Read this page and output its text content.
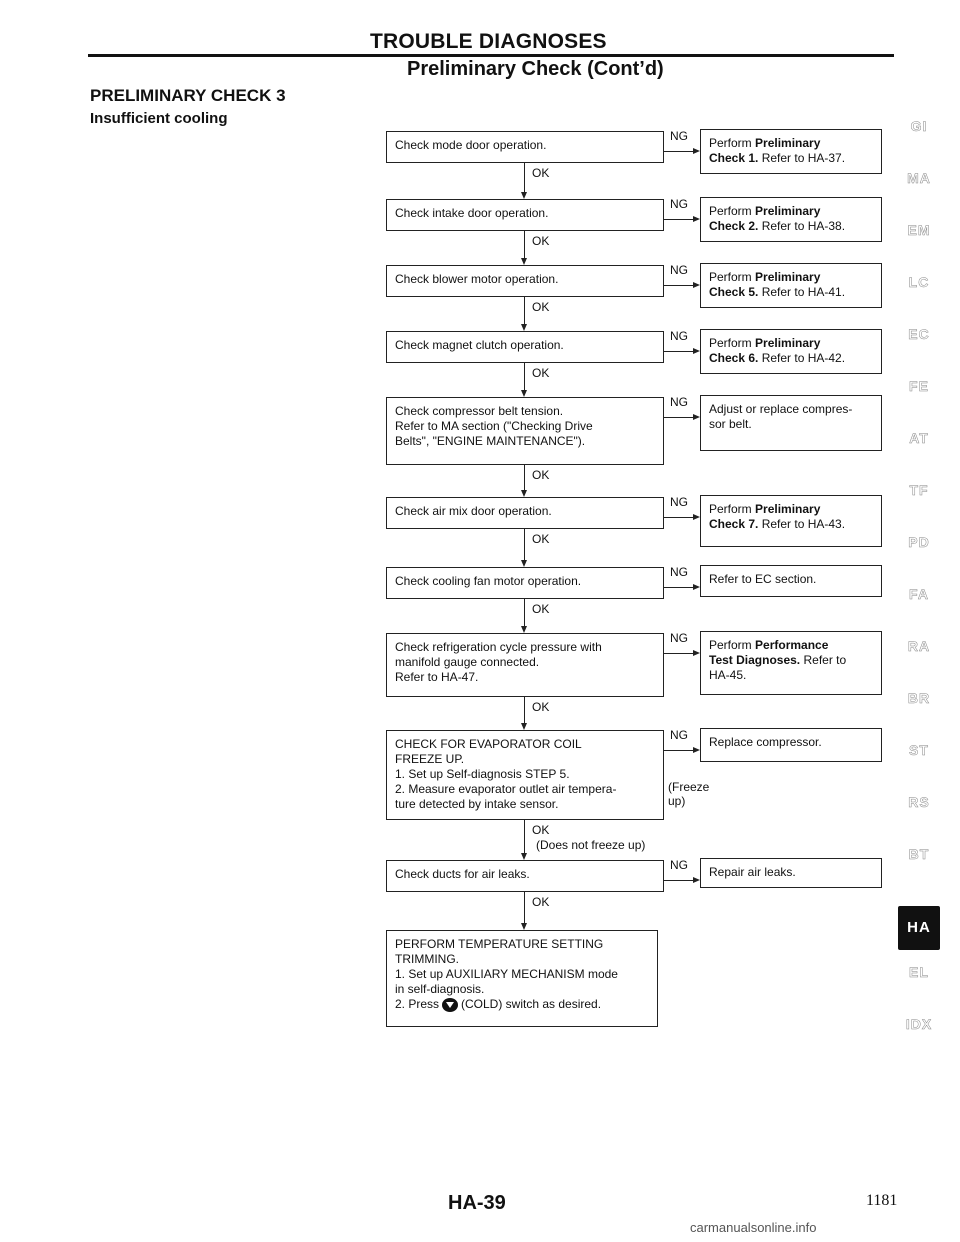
TROUBLE DIAGNOSES
Preliminary Check (Cont’d)
PRELIMINARY CHECK 3
Insufficient cooling
Check mode door operation.	Perform Preliminary
Check 1. Refer to HA-37.
NG
OK
Check intake door operation.	Perform Preliminary
Check 2. Refer to HA-38.
NG
OK
Check blower motor operation.	Perform Preliminary
Check 5. Refer to HA-41.
NG
OK
Check magnet clutch operation.	Perform Preliminary
Check 6. Refer to HA-42.
NG
OK
Check compressor belt tension.
Refer to MA section ("Checking Drive
Belts", "ENGINE MAINTENANCE").
Adjust or replace compres-
sor belt.
NG
OK
Check air mix door operation.	Perform Preliminary
Check 7. Refer to HA-43.
NG
OK
Check cooling fan motor operation.	Refer to EC section.
NG
OK
Check refrigeration cycle pressure with
manifold gauge connected.
Refer to HA-47.
Perform Performance
Test Diagnoses. Refer to
HA-45.
NG
OK
CHECK FOR EVAPORATOR COIL
FREEZE UP.
1. Set up Self-diagnosis STEP 5.
2. Measure evaporator outlet air tempera-
ture detected by intake sensor.
Replace compressor.
NG
(Freeze
up)
OK
(Does not freeze up)
Check ducts for air leaks.	Repair air leaks.
NG
OK
PERFORM TEMPERATURE SETTING
TRIMMING.
1. Set up AUXILIARY MECHANISM mode
in self-diagnosis.
2. Press (COLD) switch as desired.
GI
MA
EM
LC
EC
FE
AT
TF
PD
FA
RA
BR
ST
RS
BT
HA
EL
IDX
HA-39	1181
carmanualsonline.info
